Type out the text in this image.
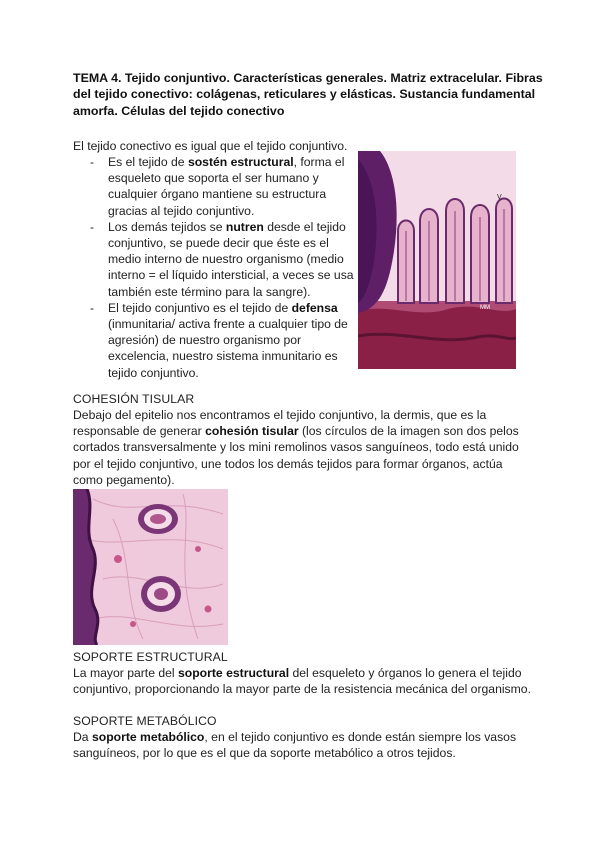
TEMA 4. Tejido conjuntivo. Características generales. Matriz extracelular. Fibras del tejido conectivo: colágenas, reticulares y elásticas. Sustancia fundamental amorfa. Células del tejido conectivo
El tejido conectivo es igual que el tejido conjuntivo.
- Es el tejido de sostén estructural, forma el esqueleto que soporta el ser humano y cualquier órgano mantiene su estructura gracias al tejido conjuntivo.
- Los demás tejidos se nutren desde el tejido conjuntivo, se puede decir que éste es el medio interno de nuestro organismo (medio interno = el líquido intersticial, a veces se usa también este término para la sangre).
- El tejido conjuntivo es el tejido de defensa (inmunitaria/ activa frente a cualquier tipo de agresión) de nuestro organismo por excelencia, nuestro sistema inmunitario es tejido conjuntivo.
V
MM
COHESIÓN TISULAR
Debajo del epitelio nos encontramos el tejido conjuntivo, la dermis, que es la responsable de generar cohesión tisular (los círculos de la imagen son dos pelos cortados transversalmente y los mini remolinos vasos sanguíneos, todo está unido por el tejido conjuntivo, une todos los demás tejidos para formar órganos, actúa como pegamento).
SOPORTE ESTRUCTURAL
La mayor parte del soporte estructural del esqueleto y órganos lo genera el tejido conjuntivo, proporcionando la mayor parte de la resistencia mecánica del organismo.
SOPORTE METABÓLICO
Da soporte metabólico, en el tejido conjuntivo es donde están siempre los vasos sanguíneos, por lo que es el que da soporte metabólico a otros tejidos.
